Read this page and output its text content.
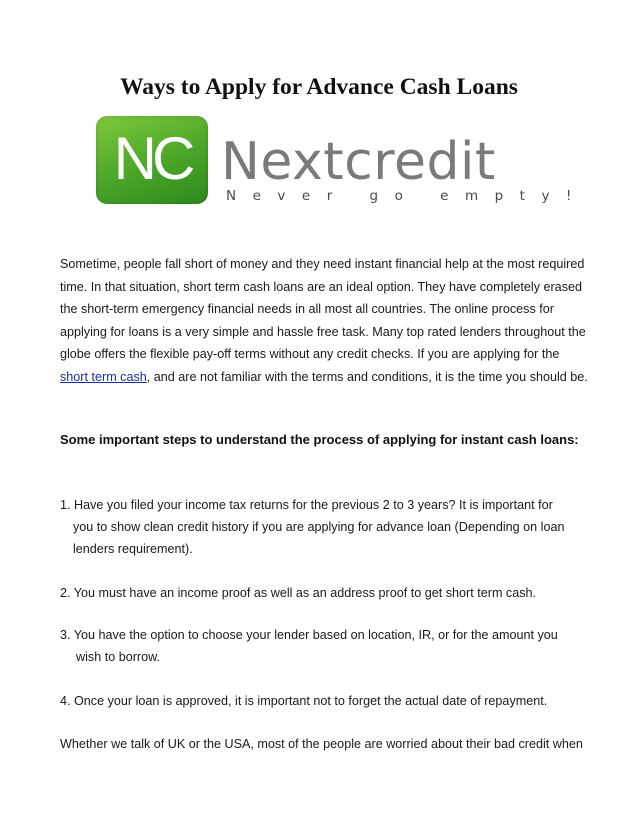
Ways to Apply for Advance Cash Loans
NC Nextcredit
Never go empty!

Sometime, people fall short of money and they need instant financial help at the most required time. In that situation, short term cash loans are an ideal option. They have completely erased the short-term emergency financial needs in all most all countries. The online process for applying for loans is a very simple and hassle free task. Many top rated lenders throughout the globe offers the flexible pay-off terms without any credit checks. If you are applying for the short term cash, and are not familiar with the terms and conditions, it is the time you should be.

Some important steps to understand the process of applying for instant cash loans:
1. Have you filed your income tax returns for the previous 2 to 3 years? It is important for
you to show clean credit history if you are applying for advance loan (Depending on loan lenders requirement).
2. You must have an income proof as well as an address proof to get short term cash.
3. You have the option to choose your lender based on location, IR, or for the amount you
wish to borrow.
4. Once your loan is approved, it is important not to forget the actual date of repayment.

Whether we talk of UK or the USA, most of the people are worried about their bad credit when
